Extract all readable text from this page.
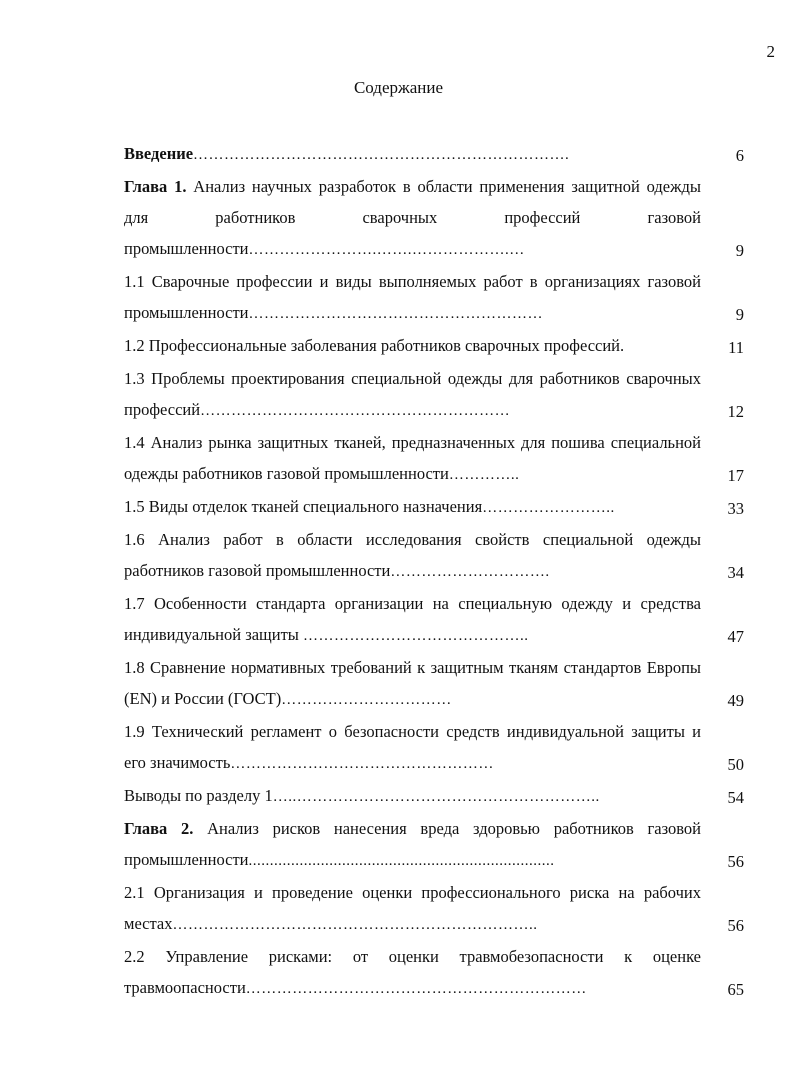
2
Содержание
Введение……………………………………………………………….	6
Глава 1. Анализ научных разработок в области применения защитной одежды для работников сварочных профессий газовой промышленности…………………….…….……………….…	9
1.1 Сварочные профессии и виды выполняемых работ в организациях газовой промышленности…………………………………………………	9
1.2 Профессиональные заболевания работников сварочных профессий.	11
1.3 Проблемы проектирования специальной одежды для работников сварочных профессий……………………………………………………	12
1.4 Анализ рынка защитных тканей, предназначенных для пошива специальной одежды работников газовой промышленности…………..	17
1.5 Виды отделок тканей специального назначения……………………..	33
1.6 Анализ работ в области исследования свойств специальной одежды работников газовой промышленности………………………….	34
1.7 Особенности стандарта организации на специальную одежду и средства индивидуальной защиты ……………………………………..	47
1.8 Сравнение нормативных требований к защитным тканям стандартов Европы (EN) и России (ГОСТ)……………………………	49
1.9 Технический регламент о безопасности средств индивидуальной защиты и его значимость……………………………………………	50
Выводы по разделу 1…..…………………………………………………..	54
Глава 2. Анализ рисков нанесения вреда здоровью работников газовой промышленности........................................................................	56
2.1 Организация и проведение оценки профессионального риска на рабочих местах……………………………………………………………..	56
2.2 Управление рисками: от оценки травмобезопасности к оценке травмоопасности…………………………………………………………	65
